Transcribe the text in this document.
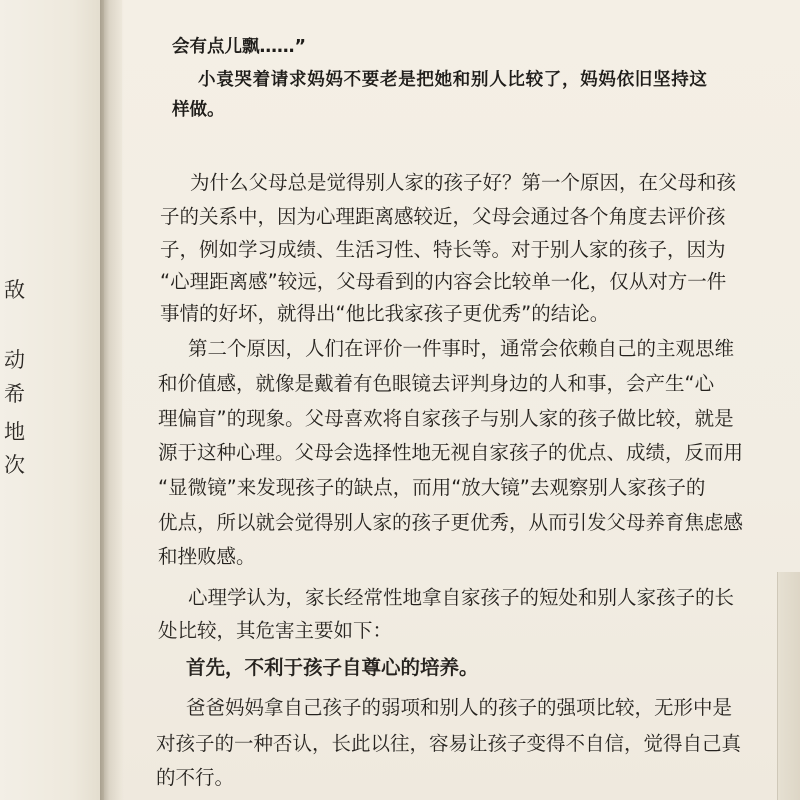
敌
动
希
地
次
会有点儿飘……”
小袁哭着请求妈妈不要老是把她和别人比较了，妈妈依旧坚持这
样做。
为什么父母总是觉得别人家的孩子好？第一个原因，在父母和孩
子的关系中，因为心理距离感较近，父母会通过各个角度去评价孩
子，例如学习成绩、生活习性、特长等。对于别人家的孩子，因为
“心理距离感”较远，父母看到的内容会比较单一化，仅从对方一件
事情的好坏，就得出“他比我家孩子更优秀”的结论。
第二个原因，人们在评价一件事时，通常会依赖自己的主观思维
和价值感，就像是戴着有色眼镜去评判身边的人和事，会产生“心
理偏盲”的现象。父母喜欢将自家孩子与别人家的孩子做比较，就是
源于这种心理。父母会选择性地无视自家孩子的优点、成绩，反而用
“显微镜”来发现孩子的缺点，而用“放大镜”去观察别人家孩子的
优点，所以就会觉得别人家的孩子更优秀，从而引发父母养育焦虑感
和挫败感。
心理学认为，家长经常性地拿自家孩子的短处和别人家孩子的长
处比较，其危害主要如下：
首先，不利于孩子自尊心的培养。
爸爸妈妈拿自己孩子的弱项和别人的孩子的强项比较，无形中是
对孩子的一种否认，长此以往，容易让孩子变得不自信，觉得自己真
的不行。
